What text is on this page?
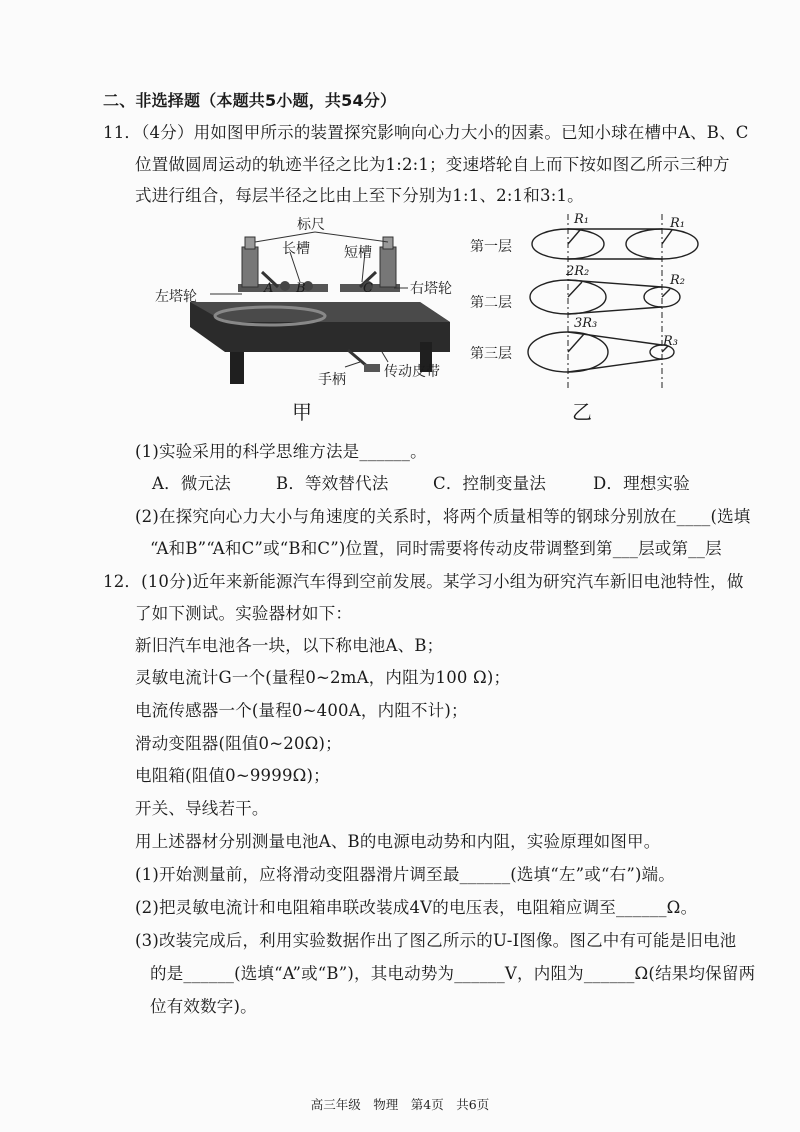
二、非选择题（本题共5小题，共54分）
11．（4分）用如图甲所示的装置探究影响向心力大小的因素。已知小球在槽中A、B、C
位置做圆周运动的轨迹半径之比为1:2:1；变速塔轮自上而下按如图乙所示三种方
式进行组合，每层半径之比由上至下分别为1:1、2:1和3:1。
标尺
长槽 短槽
左塔轮	右塔轮
手柄	传动皮带
A B	C
甲
第一层
第二层
第三层
R₁	R₁
2R₂
R₂
3R₃
R₃
乙
(1)实验采用的科学思维方法是______。
A．微元法	B．等效替代法	C．控制变量法	D．理想实验
(2)在探究向心力大小与角速度的关系时，将两个质量相等的钢球分别放在____(选填
“A和B”“A和C”或“B和C”)位置，同时需要将传动皮带调整到第___层或第__层
12．(10分)近年来新能源汽车得到空前发展。某学习小组为研究汽车新旧电池特性，做
了如下测试。实验器材如下：
新旧汽车电池各一块，以下称电池A、B；
灵敏电流计G一个(量程0~2mA，内阻为100 Ω)；
电流传感器一个(量程0~400A，内阻不计)；
滑动变阻器(阻值0~20Ω)；
电阻箱(阻值0~9999Ω)；
开关、导线若干。
用上述器材分别测量电池A、B的电源电动势和内阻，实验原理如图甲。
(1)开始测量前，应将滑动变阻器滑片调至最______(选填“左”或“右”)端。
(2)把灵敏电流计和电阻箱串联改装成4V的电压表，电阻箱应调至______Ω。
(3)改装完成后，利用实验数据作出了图乙所示的U-I图像。图乙中有可能是旧电池
的是______(选填“A”或“B”)，其电动势为______V，内阻为______Ω(结果均保留两
位有效数字)。
高三年级　物理　第4页　共6页
